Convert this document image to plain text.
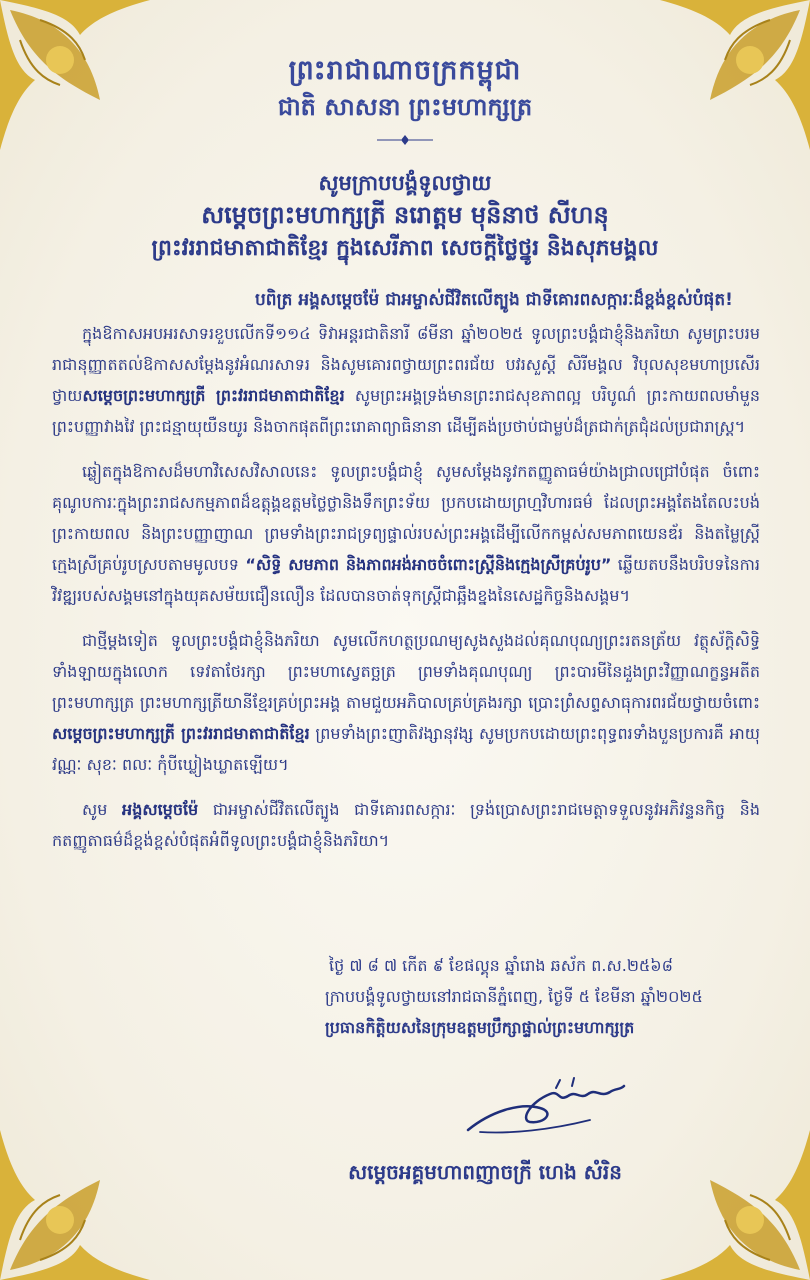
ព្រះរាជាណាចក្រកម្ពុជា
ជាតិ សាសនា ព្រះមហាក្សត្រ
សូមក្រាបបង្គំទូលថ្វាយ
សម្តេចព្រះមហាក្សត្រី នរោត្តម មុនិនាថ សីហនុ
ព្រះវររាជមាតាជាតិខ្មែរ ក្នុងសេរីភាព សេចក្តីថ្លៃថ្នូរ និងសុភមង្គល
បពិត្រ អង្គសម្តេចម៉ែ ជាអម្ចាស់ជីវិតលើត្បូង ជាទីគោរពសក្ការៈដ៏ខ្ពង់ខ្ពស់បំផុត!

ក្នុងឱកាសអបអរសាទរខួបលើកទី១១៤ ទិវាអន្តរជាតិនារី ៨មីនា ឆ្នាំ២០២៥ ទូលព្រះបង្គំជាខ្ញុំនិងភរិយា សូមព្រះបរមរាជានុញ្ញាតតល់ឱកាសសម្តែងនូវអំណរសាទរ និងសូមគោរពថ្វាយព្រះពរជ័យ បវរសួស្តី សិរីមង្គល វិបុលសុខមហាប្រសើរថ្វាយសម្តេចព្រះមហាក្សត្រី ព្រះវររាជមាតាជាតិខ្មែរ សូមព្រះអង្គទ្រង់មានព្រះរាជសុខភាពល្អ បរិបូណ៌ ព្រះកាយពលមាំមួន ព្រះបញ្ញាវាងវៃ ព្រះជន្មាយុយឺនយូរ និងចាកផុតពីព្រះរោគាព្យាធិនានា ដើម្បីគង់ប្រថាប់ជាម្លប់ដ៏ត្រជាក់ត្រជុំដល់ប្រជារាស្ត្រ។

ឆ្លៀតក្នុងឱកាសដ៏មហាវិសេសវិសាលនេះ ទូលព្រះបង្គំជាខ្ញុំ សូមសម្តែងនូវកតញ្ញូតាធម៌យ៉ាងជ្រាលជ្រៅបំផុត ចំពោះគុណូបការៈក្នុងព្រះរាជសកម្មភាពដ៏ឧត្តុង្គឧត្តមថ្លៃថ្លានិងទឹកព្រះទ័យ ប្រកបដោយព្រហ្មវិហារធម៌ ដែលព្រះអង្គតែងតែលះបង់ព្រះកាយពល និងព្រះបញ្ញាញាណ ព្រមទាំងព្រះរាជទ្រព្យផ្ទាល់របស់ព្រះអង្គដើម្បីលើកកម្ពស់សមភាពយេនឌ័រ និងតម្លៃស្ត្រី ក្មេងស្រីគ្រប់រូបស្របតាមមូលបទ “សិទ្ធិ សមភាព និងភាពអង់អាចចំពោះស្ត្រីនិងក្មេងស្រីគ្រប់រូប” ឆ្លើយតបនឹងបរិបទនៃការវិវឌ្ឍរបស់សង្គមនៅក្នុងយុគសម័យជឿនលឿន ដែលបានចាត់ទុកស្ត្រីជាឆ្អឹងខ្នងនៃសេដ្ឋកិច្ចនិងសង្គម។

ជាថ្មីម្តងទៀត ទូលព្រះបង្គំជាខ្ញុំនិងភរិយា សូមលើកហត្ថប្រណម្យសូងសួងដល់គុណបុណ្យព្រះរតនត្រ័យ វត្ថុស័ក្តិសិទ្ធិទាំងឡាយក្នុងលោក ទេវតាថែរក្សា ព្រះមហាស្វេតច្ឆត្រ ព្រមទាំងគុណបុណ្យ ព្រះបារមីនៃដួងព្រះវិញ្ញាណក្ខន្ធអតីតព្រះមហាក្សត្រ ព្រះមហាក្សត្រីយានីខ្មែរគ្រប់ព្រះអង្គ តាមជួយអភិបាលគ្រប់គ្រងរក្សា ប្រោះព្រំសព្ទសាធុការពរជ័យថ្វាយចំពោះ សម្តេចព្រះមហាក្សត្រី ព្រះវររាជមាតាជាតិខ្មែរ ព្រមទាំងព្រះញាតិវង្សានុវង្ស សូមប្រកបដោយព្រះពុទ្ធពរទាំងបួនប្រការគឺ អាយុ វណ្ណៈ សុខៈ ពលៈ កុំបីឃ្លៀងឃ្លាតឡើយ។

សូម អង្គសម្តេចម៉ែ ជាអម្ចាស់ជីវិតលើត្បូង ជាទីគោរពសក្ការៈ ទ្រង់ប្រោសព្រះរាជមេត្តាទទួលនូវអភិវន្ទនកិច្ច និងកតញ្ញូតាធម៌ដ៏ខ្ពង់ខ្ពស់បំផុតអំពីទូលព្រះបង្គំជាខ្ញុំនិងភរិយា។

ថ្ងៃ ៧ ៨ ៧ កើត ៩ ខែផល្គុន ឆ្នាំរោង ឆស័ក ព.ស.២៥៦៨
ក្រាបបង្គំទូលថ្វាយនៅរាជធានីភ្នំពេញ, ថ្ងៃទី ៥ ខែមីនា ឆ្នាំ២០២៥
ប្រធានកិត្តិយសនៃក្រុមឧត្តមប្រឹក្សាផ្ទាល់ព្រះមហាក្សត្រ
សម្តេចអគ្គមហាពញាចក្រី ហេង សំរិន
